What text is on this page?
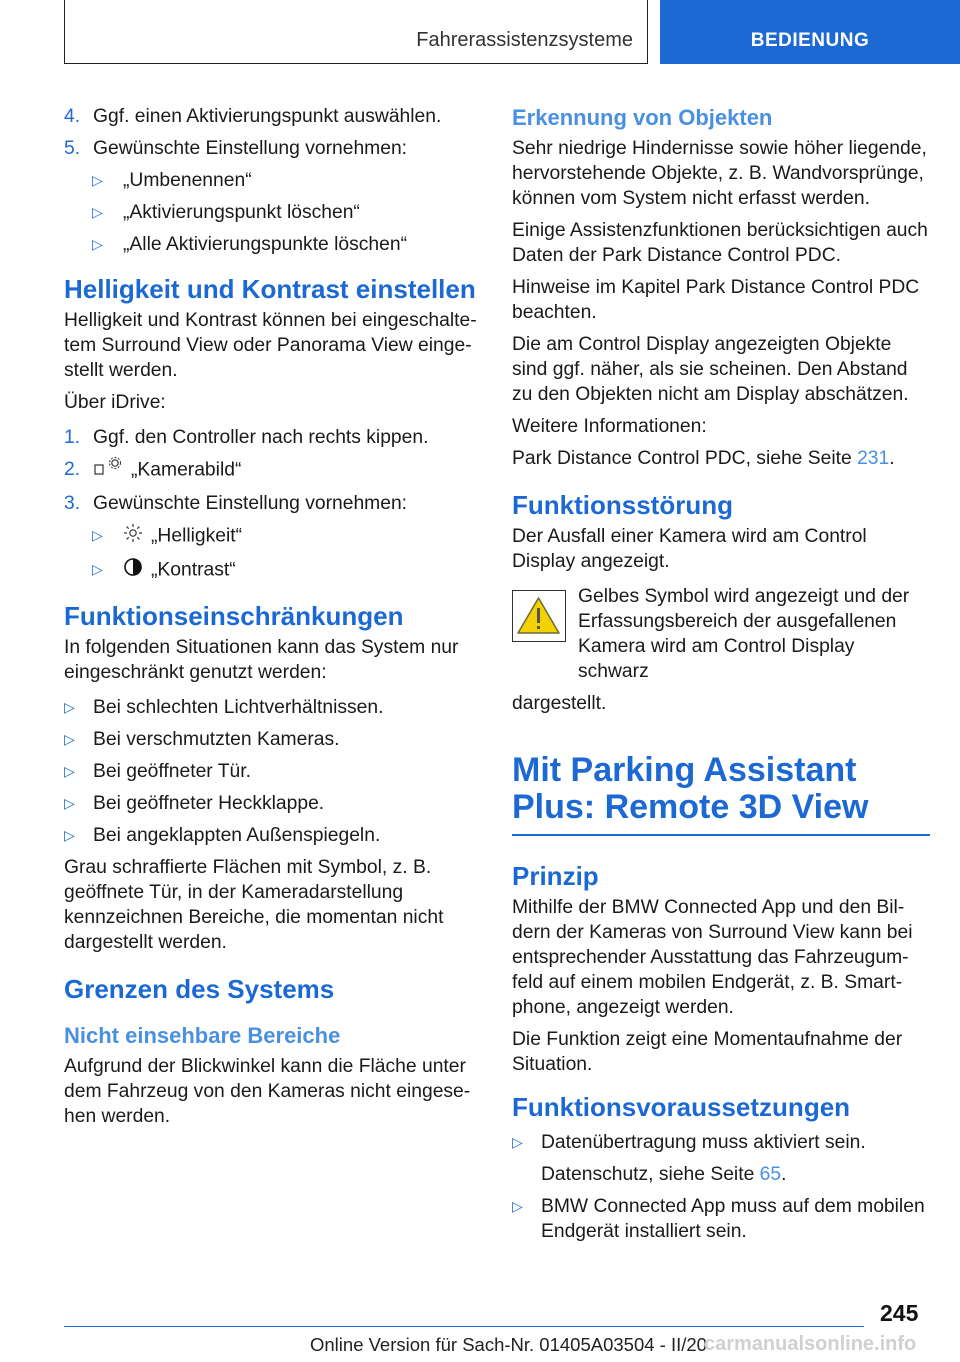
Fahrerassistenzsysteme	BEDIENUNG
4. Ggf. einen Aktivierungspunkt auswählen.
5. Gewünschte Einstellung vornehmen:
▷ „Umbenennen“
▷ „Aktivierungspunkt löschen“
▷ „Alle Aktivierungspunkte löschen“
Helligkeit und Kontrast einstellen
Helligkeit und Kontrast können bei eingeschaltetem Surround View oder Panorama View eingestellt werden.
Über iDrive:
1. Ggf. den Controller nach rechts kippen.
2.	„Kamerabild“
3. Gewünschte Einstellung vornehmen:
▷ „Helligkeit“
▷ „Kontrast“
Funktionseinschränkungen
In folgenden Situationen kann das System nur eingeschränkt genutzt werden:
▷ Bei schlechten Lichtverhältnissen.
▷ Bei verschmutzten Kameras.
▷ Bei geöffneter Tür.
▷ Bei geöffneter Heckklappe.
▷ Bei angeklappten Außenspiegeln.
Grau schraffierte Flächen mit Symbol, z. B. geöffnete Tür, in der Kameradarstellung kennzeichnen Bereiche, die momentan nicht dargestellt werden.
Grenzen des Systems
Nicht einsehbare Bereiche
Aufgrund der Blickwinkel kann die Fläche unter dem Fahrzeug von den Kameras nicht eingesehen werden.
Erkennung von Objekten
Sehr niedrige Hindernisse sowie höher liegende, hervorstehende Objekte, z. B. Wandvorsprünge, können vom System nicht erfasst werden.
Einige Assistenzfunktionen berücksichtigen auch Daten der Park Distance Control PDC.
Hinweise im Kapitel Park Distance Control PDC beachten.
Die am Control Display angezeigten Objekte sind ggf. näher, als sie scheinen. Den Abstand zu den Objekten nicht am Display abschätzen.
Weitere Informationen:
Park Distance Control PDC, siehe Seite 231.
Funktionsstörung
Der Ausfall einer Kamera wird am Control Display angezeigt.
Gelbes Symbol wird angezeigt und der Erfassungsbereich der ausgefallenen Kamera wird am Control Display schwarz
dargestellt.
Mit Parking Assistant Plus: Remote 3D View
Prinzip
Mithilfe der BMW Connected App und den Bildern der Kameras von Surround View kann bei entsprechender Ausstattung das Fahrzeugumfeld auf einem mobilen Endgerät, z. B. Smartphone, angezeigt werden.
Die Funktion zeigt eine Momentaufnahme der Situation.
Funktionsvoraussetzungen
▷ Datenübertragung muss aktiviert sein.
Datenschutz, siehe Seite 65.
▷ BMW Connected App muss auf dem mobilen Endgerät installiert sein.
245
Online Version für Sach-Nr. 01405A03504 - II/20
carmanualsonline.info
